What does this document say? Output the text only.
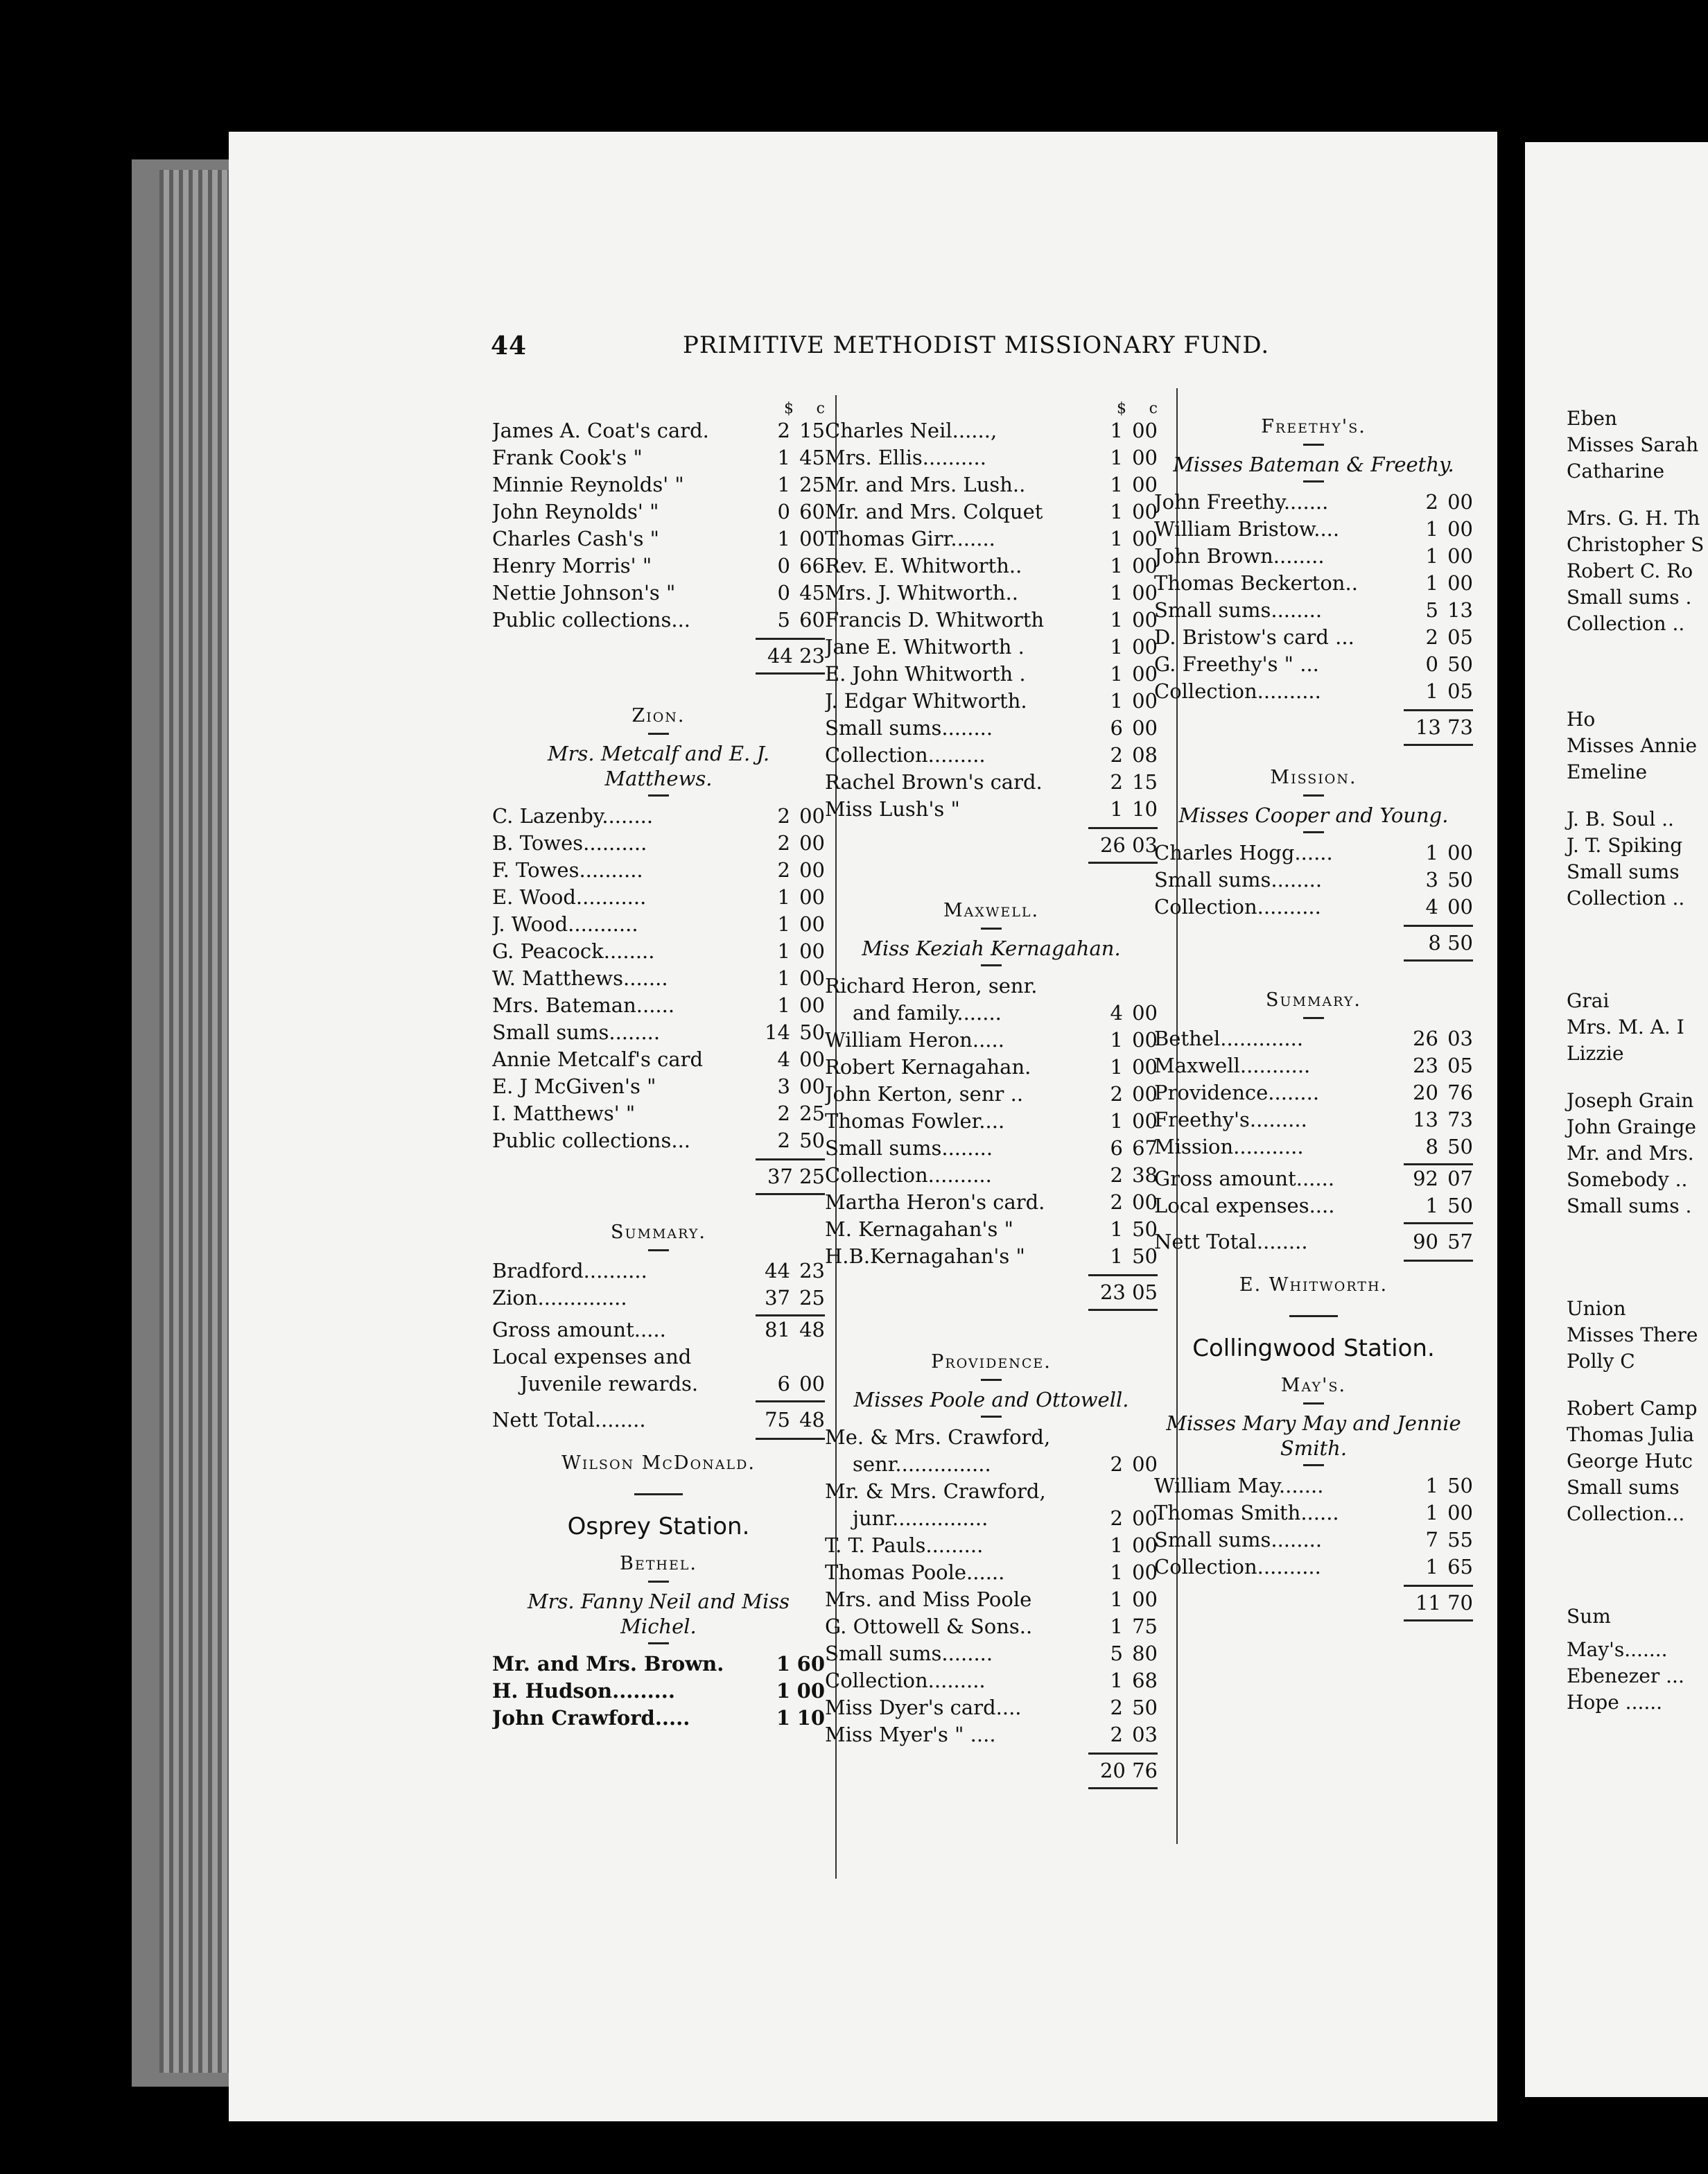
44	PRIMITIVE METHODIST MISSIONARY FUND.
$	c
James A. Coat's card.	2 15
Frank Cook's "	1 45
Minnie Reynolds' "	1 25
John Reynolds' "	0 60
Charles Cash's "	1 00
Henry Morris' "	0 66
Nettie Johnson's "	0 45
Public collections...	5 60
44 23
Zion.
Mrs. Metcalf and E. J. Matthews.
C. Lazenby........	2 00
B. Towes..........	2 00
F. Towes..........	2 00
E. Wood...........	1 00
J. Wood...........	1 00
G. Peacock........	1 00
W. Matthews.......	1 00
Mrs. Bateman......	1 00
Small sums........	14 50
Annie Metcalf's card	4 00
E. J McGiven's "	3 00
I. Matthews' "	2 25
Public collections...	2 50
37 25
Summary.
Bradford..........	44 23
Zion..............	37 25
Gross amount.....	81 48
Local expenses and
Juvenile rewards.	6 00
Nett Total........	75 48
Wilson McDonald.
Osprey Station.
Bethel.
Mrs. Fanny Neil and Miss Michel.
Mr. and Mrs. Brown.	1 60
H. Hudson.........	1 00
John Crawford.....	1 10
$	c
Charles Neil......,	1 00
Mrs. Ellis..........	1 00
Mr. and Mrs. Lush..	1 00
Mr. and Mrs. Colquet	1 00
Thomas Girr.......	1 00
Rev. E. Whitworth..	1 00
Mrs. J. Whitworth..	1 00
Francis D. Whitworth	1 00
Jane E. Whitworth .	1 00
E. John Whitworth .	1 00
J. Edgar Whitworth.	1 00
Small sums........	6 00
Collection.........	2 08
Rachel Brown's card.	2 15
Miss Lush's "	1 10
26 03
Maxwell.
Miss Keziah Kernagahan.
Richard Heron, senr.
and family.......	4 00
William Heron.....	1 00
Robert Kernagahan.	1 00
John Kerton, senr ..	2 00
Thomas Fowler....	1 00
Small sums........	6 67
Collection..........	2 38
Martha Heron's card.	2 00
M. Kernagahan's "	1 50
H.B.Kernagahan's "	1 50
23 05
Providence.
Misses Poole and Ottowell.
Me. & Mrs. Crawford,
senr...............	2 00
Mr. & Mrs. Crawford,
junr...............	2 00
T. T. Pauls.........	1 00
Thomas Poole......	1 00
Mrs. and Miss Poole	1 00
G. Ottowell & Sons..	1 75
Small sums........	5 80
Collection.........	1 68
Miss Dyer's card....	2 50
Miss Myer's " ....	2 03
20 76
Freethy's.
Misses Bateman & Freethy.
John Freethy.......	2 00
William Bristow....	1 00
John Brown........	1 00
Thomas Beckerton..	1 00
Small sums........	5 13
D. Bristow's card ...	2 05
G. Freethy's " ...	0 50
Collection..........	1 05
13 73
Mission.
Misses Cooper and Young.
Charles Hogg......	1 00
Small sums........	3 50
Collection..........	4 00
8 50
Summary.
Bethel.............	26 03
Maxwell...........	23 05
Providence........	20 76
Freethy's.........	13 73
Mission...........	8 50
Gross amount......	92 07
Local expenses....	1 50
Nett Total........	90 57
E. Whitworth.
Collingwood Station.
May's.
Misses Mary May and Jennie Smith.
William May.......	1 50
Thomas Smith......	1 00
Small sums........	7 55
Collection..........	1 65
11 70
Eben
Misses Sarah
Catharine
Mrs. G. H. Th
Christopher S
Robert C. Ro
Small sums .
Collection ..
Ho
Misses Annie
Emeline
J. B. Soul ..
J. T. Spiking
Small sums
Collection ..
Grai
Mrs. M. A. I
Lizzie
Joseph Grain
John Grainge
Mr. and Mrs.
Somebody ..
Small sums .
Union
Misses There
Polly C
Robert Camp
Thomas Julia
George Hutc
Small sums
Collection...
Sum
May's.......
Ebenezer ...
Hope ......
